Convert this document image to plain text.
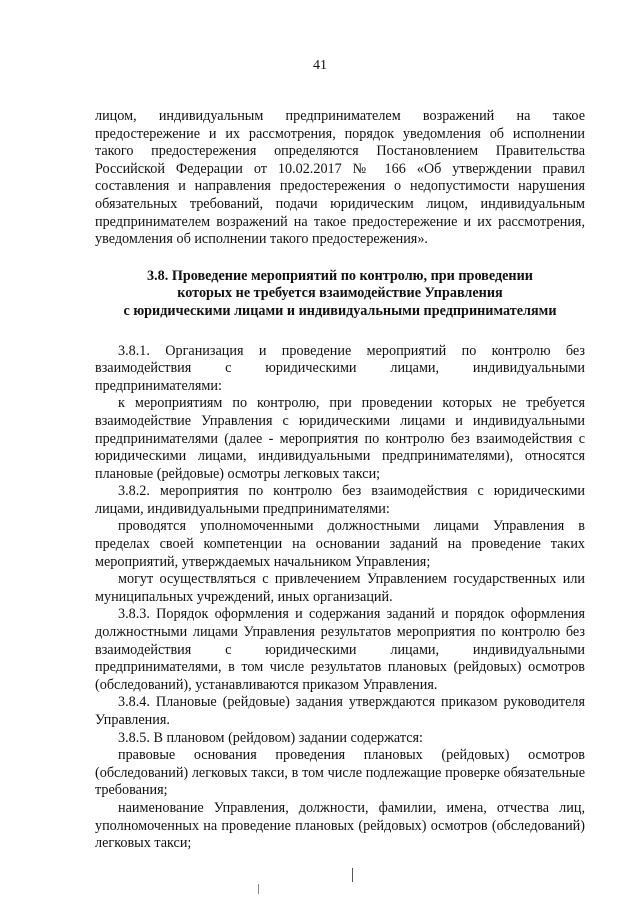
41

лицом, индивидуальным предпринимателем возражений на такое предостережение и их рассмотрения, порядок уведомления об исполнении такого предостережения определяются Постановлением Правительства Российской Федерации от 10.02.2017 № 166 «Об утверждении правил составления и направления предостережения о недопустимости нарушения обязательных требований, подачи юридическим лицом, индивидуальным предпринимателем возражений на такое предостережение и их рассмотрения, уведомления об исполнении такого предостережения».

3.8. Проведение мероприятий по контролю, при проведении
которых не требуется взаимодействие Управления
с юридическими лицами и индивидуальными предпринимателями

3.8.1. Организация и проведение мероприятий по контролю без взаимодействия с юридическими лицами, индивидуальными предпринимателями:

к мероприятиям по контролю, при проведении которых не требуется взаимодействие Управления с юридическими лицами и индивидуальными предпринимателями (далее - мероприятия по контролю без взаимодействия с юридическими лицами, индивидуальными предпринимателями), относятся плановые (рейдовые) осмотры легковых такси;

3.8.2. мероприятия по контролю без взаимодействия с юридическими лицами, индивидуальными предпринимателями:

проводятся уполномоченными должностными лицами Управления в пределах своей компетенции на основании заданий на проведение таких мероприятий, утверждаемых начальником Управления;

могут осуществляться с привлечением Управлением государственных или муниципальных учреждений, иных организаций.

3.8.3. Порядок оформления и содержания заданий и порядок оформления должностными лицами Управления результатов мероприятия по контролю без взаимодействия с юридическими лицами, индивидуальными предпринимателями, в том числе результатов плановых (рейдовых) осмотров (обследований), устанавливаются приказом Управления.

3.8.4. Плановые (рейдовые) задания утверждаются приказом руководителя Управления.

3.8.5. В плановом (рейдовом) задании содержатся:

правовые основания проведения плановых (рейдовых) осмотров (обследований) легковых такси, в том числе подлежащие проверке обязательные требования;

наименование Управления, должности, фамилии, имена, отчества лиц, уполномоченных на проведение плановых (рейдовых) осмотров (обследований) легковых такси;
